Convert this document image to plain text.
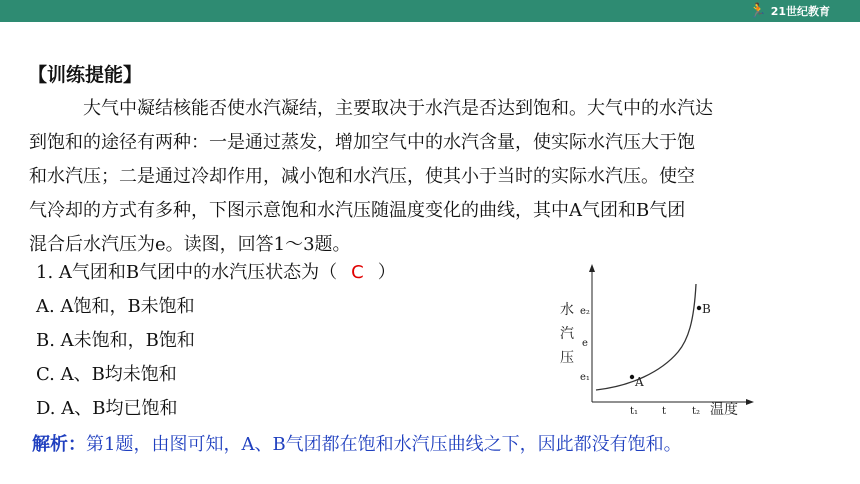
🏃 21世纪教育
【训练提能】
大气中凝结核能否使水汽凝结，主要取决于水汽是否达到饱和。大气中的水汽达
到饱和的途径有两种：一是通过蒸发，增加空气中的水汽含量，使实际水汽压大于饱
和水汽压；二是通过冷却作用，减小饱和水汽压，使其小于当时的实际水汽压。使空
气冷却的方式有多种，下图示意饱和水汽压随温度变化的曲线，其中A气团和B气团
混合后水汽压为e。读图，回答1～3题。
1. A气团和B气团中的水汽压状态为（ C ）
A. A饱和，B未饱和
B. A未饱和，B饱和
C. A、B均未饱和
D. A、B均已饱和
水
汽
压
e₂
e
e₁
t₁ t	t₂ 温度
A
B
解析：第1题，由图可知，A、B气团都在饱和水汽压曲线之下，因此都没有饱和。
